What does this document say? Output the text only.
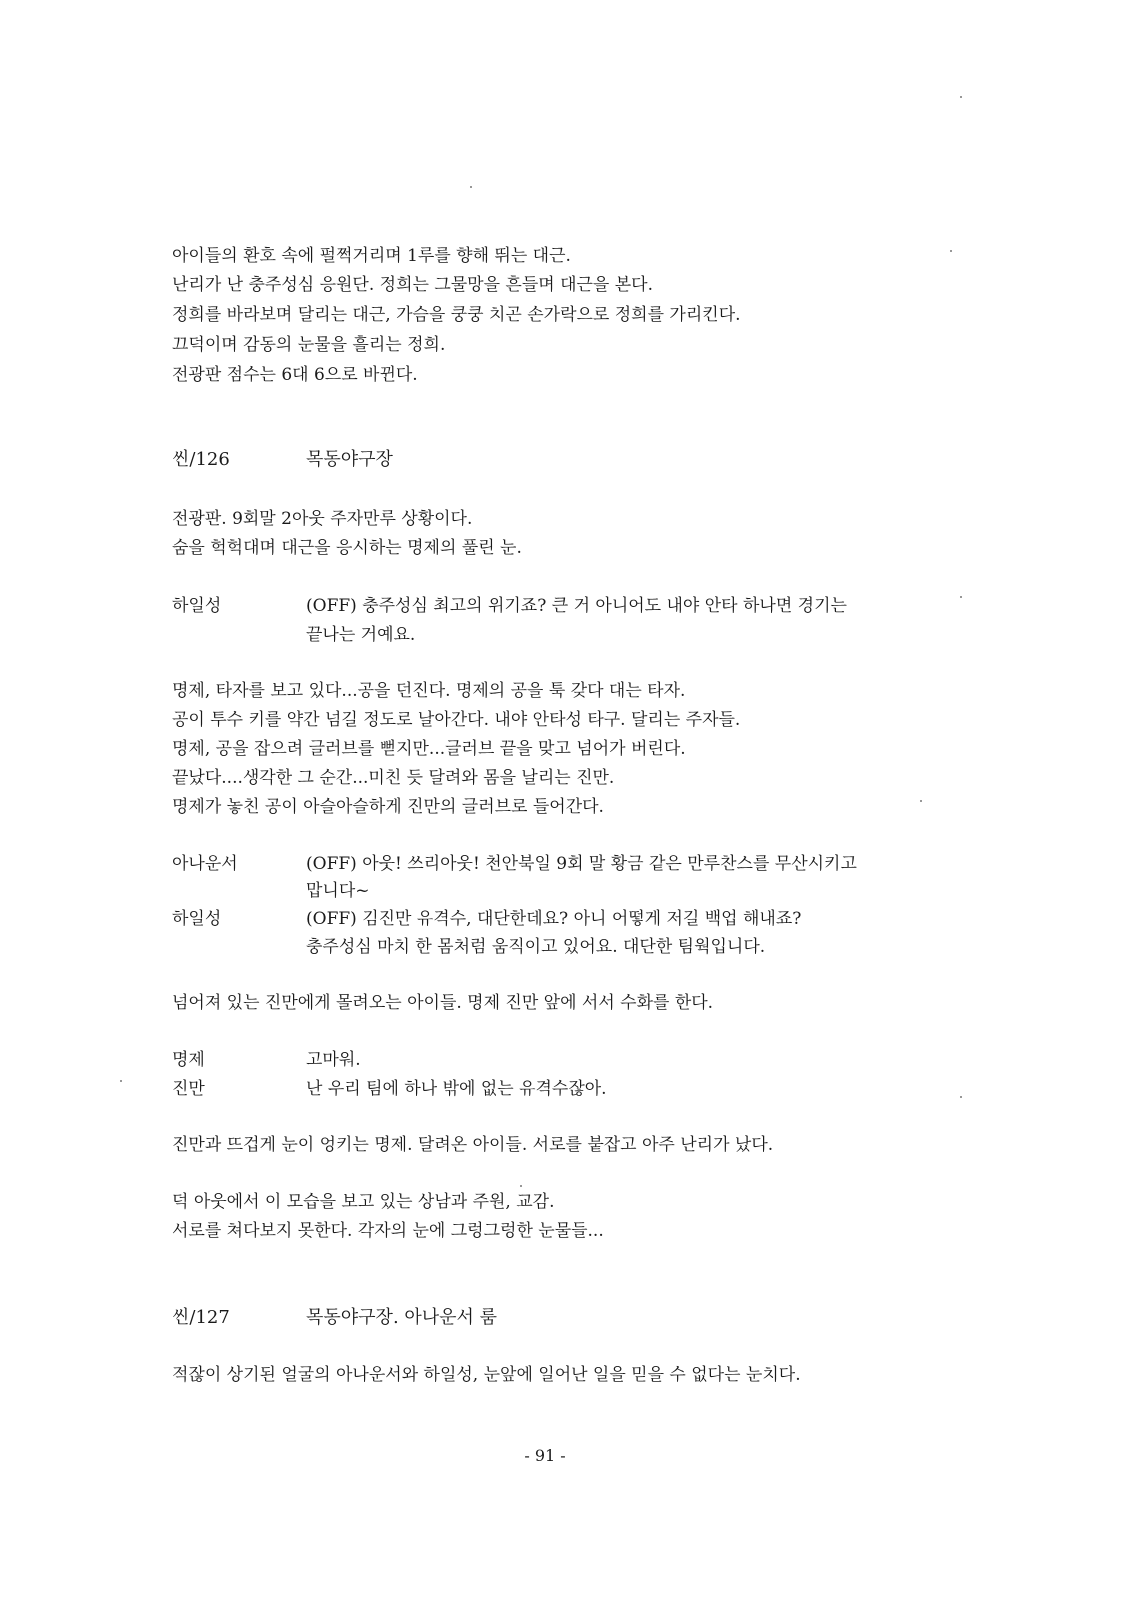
아이들의 환호 속에 펄쩍거리며 1루를 향해 뛰는 대근.
난리가 난 충주성심 응원단. 정희는 그물망을 흔들며 대근을 본다.
정희를 바라보며 달리는 대근, 가슴을 쿵쿵 치곤 손가락으로 정희를 가리킨다.
끄덕이며 감동의 눈물을 흘리는 정희.
전광판 점수는 6대 6으로 바뀐다.
씬/126	목동야구장
전광판. 9회말 2아웃 주자만루 상황이다.
숨을 헉헉대며 대근을 응시하는 명제의 풀린 눈.
하일성	(OFF) 충주성심 최고의 위기죠? 큰 거 아니어도 내야 안타 하나면 경기는
끝나는 거예요.
명제, 타자를 보고 있다...공을 던진다. 명제의 공을 툭 갖다 대는 타자.
공이 투수 키를 약간 넘길 정도로 날아간다. 내야 안타성 타구. 달리는 주자들.
명제, 공을 잡으려 글러브를 뻗지만...글러브 끝을 맞고 넘어가 버린다.
끝났다....생각한 그 순간...미친 듯 달려와 몸을 날리는 진만.
명제가 놓친 공이 아슬아슬하게 진만의 글러브로 들어간다.
아나운서	(OFF) 아웃! 쓰리아웃! 천안북일 9회 말 황금 같은 만루찬스를 무산시키고
맙니다~
하일성	(OFF) 김진만 유격수, 대단한데요? 아니 어떻게 저길 백업 해내죠?
충주성심 마치 한 몸처럼 움직이고 있어요. 대단한 팀웍입니다.
넘어져 있는 진만에게 몰려오는 아이들. 명제 진만 앞에 서서 수화를 한다.
명제	고마워.
진만	난 우리 팀에 하나 밖에 없는 유격수잖아.
진만과 뜨겁게 눈이 엉키는 명제. 달려온 아이들. 서로를 붙잡고 아주 난리가 났다.
덕 아웃에서 이 모습을 보고 있는 상남과 주원, 교감.
서로를 쳐다보지 못한다. 각자의 눈에 그렁그렁한 눈물들...
씬/127	목동야구장. 아나운서 룸
적잖이 상기된 얼굴의 아나운서와 하일성, 눈앞에 일어난 일을 믿을 수 없다는 눈치다.
- 91 -
